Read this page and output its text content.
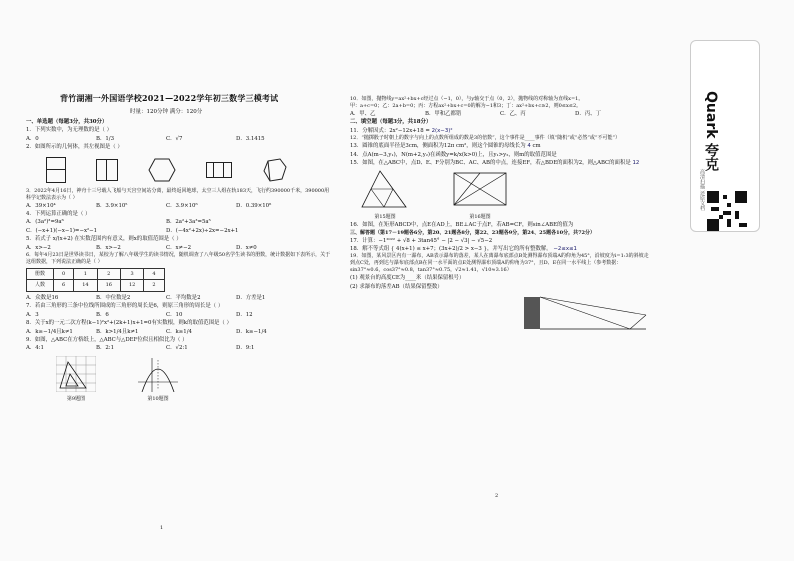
背竹湖湘一外国语学校2021—2022学年初三数学三模考试
时量：120分钟 满分：120分
一、单选题（每题3分，共30分）
1．下列实数中，为无理数的是（ ）
A．0	B．1/3	C．√7	D．3.1415
2．如图所示的几何体，其左视图是（ ）
3．2022年4月16日，神舟十三号载人飞船与天宫空间站分离，最终返回地球，太空三人组在轨183天，飞行约390000千米，390000用科学记数法表示为（ ）
A．39×10⁴	B．3.9×10⁵	C．3.9×10⁶	D．0.39×10⁶
4．下列运算正确的是（ ）
A．(3a²)³=9a⁶	B．2a²+3a³=5a⁵
C．(−x+1)(−x−1)=−x²−1	D．(−4x²+2x)÷2x=−2x+1
5．若式子 x/(x+2) 在实数范围内有意义，则x的取值范围是（ ）
A．x>−2	B．x>−2	C．x≠−2	D．x≠0
6．每年4月23日是世界读书日，某校为了解八年级学生的读书情况，随机调查了八年级50名学生读书的册数，统计数据如下表所示，关于这组数据，下列说法正确的是（ ）
册数	0	1	2	3	4
人数	6	14	16	12	2
A．众数是16	B．中位数是2	C．平均数是2	D．方差是1
7．若由三角形的三条中位线所围成的三角形的周长是6，则原三角形的周长是（ ）
A．3	B．6	C．10	D．12
8．关于x的一元二次方程(k−1)²x²+(2k+1)x+1=0有实数根，则k的取值范围是（ ）
A．k≥−1/4且k≠1	B．k>1/4且k≠1	C．k≥1/4	D．k≥−1/4
9．如图，△ABC在方格纸上，△ABC与△DEF位似且相似比为（ ）
A．4:1	B．2:1	C．√2:1	D．9:1
第9题图	第10题图
10．如图，抛物线y=ax²+bx+c经过点（−1，0），与y轴交于点（0，2），抛物线的对称轴为直线x=1。
甲：a+c=0；乙：2a+b=0；丙：方程ax²+bx+c=0的解为−1和3；丁：ax²+bx+c≥2，则0≤x≤2。
A．甲、乙	B．甲和乙都错	C．乙、丙	D．丙、丁
二、填空题（每题3分，共18分）
11．分解因式：2x²−12x+18 = 2(x−3)²
12．“抛掷骰子时朝上的数字与向上的点数所组成的数是3的倍数”，这个事件是____事件（填“随机”或“必然”或“不可能”）
13．圆锥的底面半径是3cm，侧面积为12π cm²，则这个圆锥的母线长为 4 cm
14．点A(m−3,y₁)，N(m+2,y₂)在函数y=k/x(k>0)上，且y₁>y₂，则m的取值范围是
15．如图，在△ABC中，点D、E、F分别为BC、AC、AB的中点，连接EF，若△BDE的面积为2，则△ABC的面积是 12
第15题图	第16题图
16．如图，在矩形ABCD中，点E在AD上，BE⊥AC于点F，若AB=CF，则sin∠ABE的值为
三、解答题（第17－19题各6分，第20、21题各8分，第22、23题各9分，第24、25题各10分，共72分）
17．计算：−1²⁰²² + √8 + 3tan45° − |2 − √3| − √5−2
18．解不等式组 { 4(x+1) ≤ x+7；(3x+2)/2 > x−3 }，并写出它的所有整数解。 −2≤x≤1
19．如图，某风景区内有一瀑布，AB表示瀑布的落差，某人在离瀑布底部点B处测得瀑布顶端A的仰角为45°，沿坡度为i=1:3的斜坡走到点C处，再到达与瀑布底部点B在同一水平面的点E处测得瀑布顶端A的仰角为37°，且D、E在同一水平线上（参考数据：sin37°≈0.6，cos37°≈0.8，tan37°≈0.75，√2≈1.41，√10≈3.16）
(1) 观景台的高度CE为____米（结果保留根号）
(2) 求瀑布的落差AB（结果保留整数）
1
2
Quark 夸克
高清扫描 还原文档
